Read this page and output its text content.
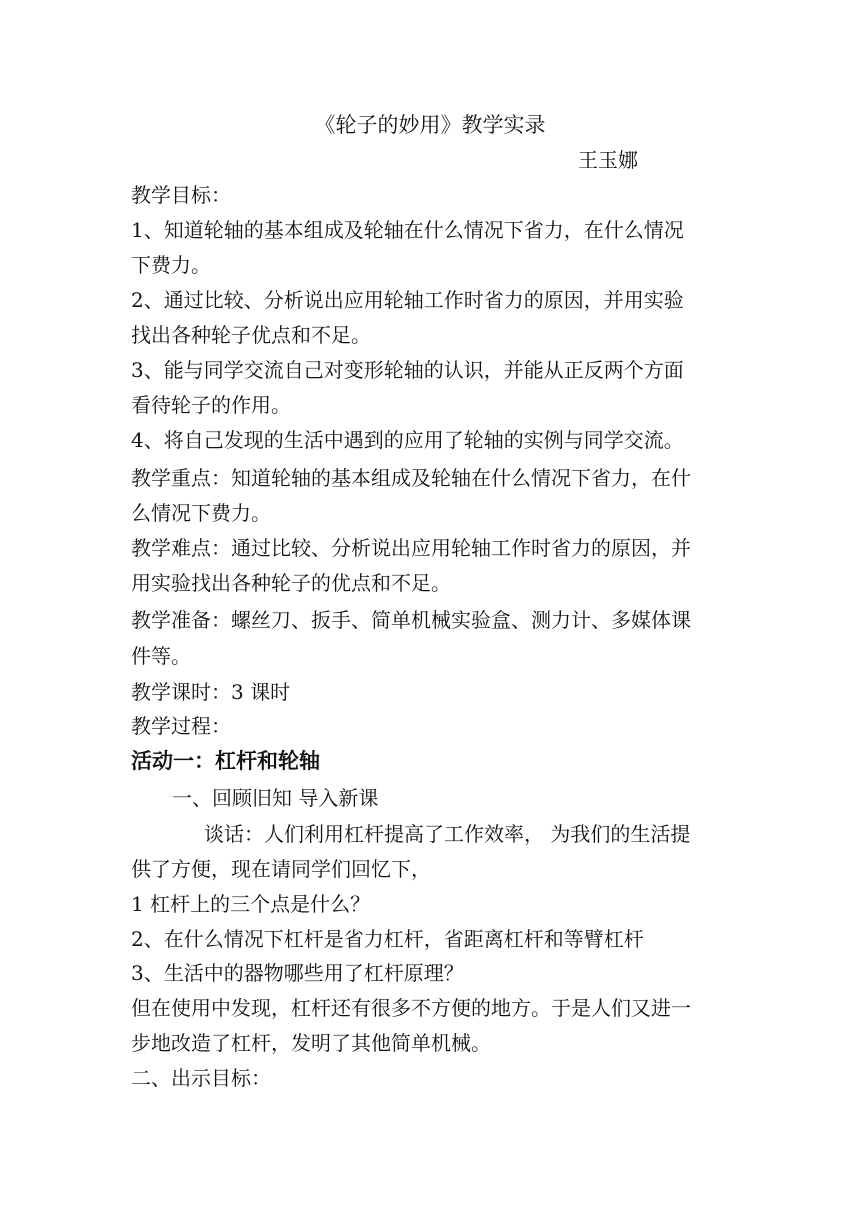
《轮子的妙用》教学实录
王玉娜
教学目标：
1、知道轮轴的基本组成及轮轴在什么情况下省力，在什么情况
下费力。
2、通过比较、分析说出应用轮轴工作时省力的原因，并用实验
找出各种轮子优点和不足。
3、能与同学交流自己对变形轮轴的认识，并能从正反两个方面
看待轮子的作用。
4、将自己发现的生活中遇到的应用了轮轴的实例与同学交流。
教学重点：知道轮轴的基本组成及轮轴在什么情况下省力，在什
么情况下费力。
教学难点：通过比较、分析说出应用轮轴工作时省力的原因，并
用实验找出各种轮子的优点和不足。
教学准备：螺丝刀、扳手、简单机械实验盒、测力计、多媒体课
件等。
教学课时：3 课时
教学过程：
活动一：杠杆和轮轴
一、回顾旧知 导入新课
谈话：人们利用杠杆提高了工作效率， 为我们的生活提
供了方便，现在请同学们回忆下，
1 杠杆上的三个点是什么？
2、在什么情况下杠杆是省力杠杆，省距离杠杆和等臂杠杆
3、生活中的器物哪些用了杠杆原理？
但在使用中发现，杠杆还有很多不方便的地方。于是人们又进一
步地改造了杠杆，发明了其他简单机械。
二、出示目标：
